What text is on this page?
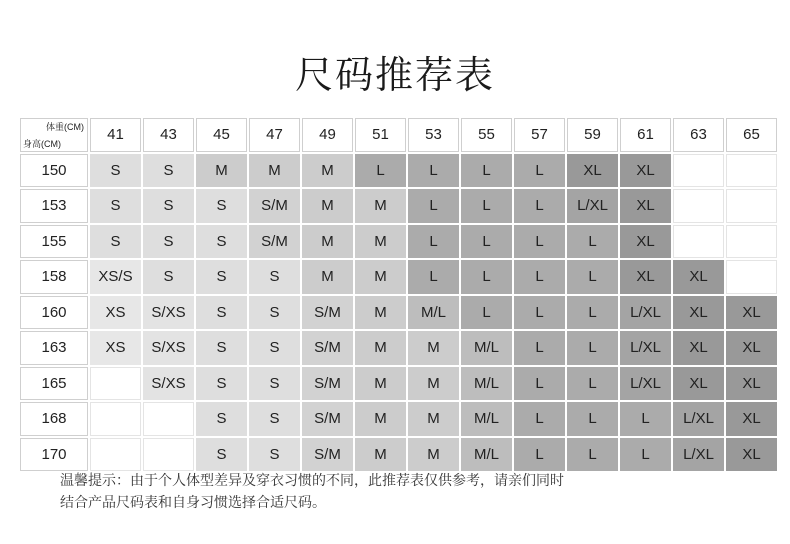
尺码推荐表
体重(CM)
身高(CM)	41	43	45	47	49	51	53	55	57	59	61	63	65
150	S	S	M	M	M	L	L	L	L	XL	XL		
153	S	S	S	S/M	M	M	L	L	L	L/XL	XL		
155	S	S	S	S/M	M	M	L	L	L	L	XL		
158	XS/S	S	S	S	M	M	L	L	L	L	XL	XL	
160	XS	S/XS	S	S	S/M	M	M/L	L	L	L	L/XL	XL	XL
163	XS	S/XS	S	S	S/M	M	M	M/L	L	L	L/XL	XL	XL
165		S/XS	S	S	S/M	M	M	M/L	L	L	L/XL	XL	XL
168			S	S	S/M	M	M	M/L	L	L	L	L/XL	XL
170			S	S	S/M	M	M	M/L	L	L	L	L/XL	XL
温馨提示：由于个人体型差异及穿衣习惯的不同，此推荐表仅供参考，请亲们同时
结合产品尺码表和自身习惯选择合适尺码。
